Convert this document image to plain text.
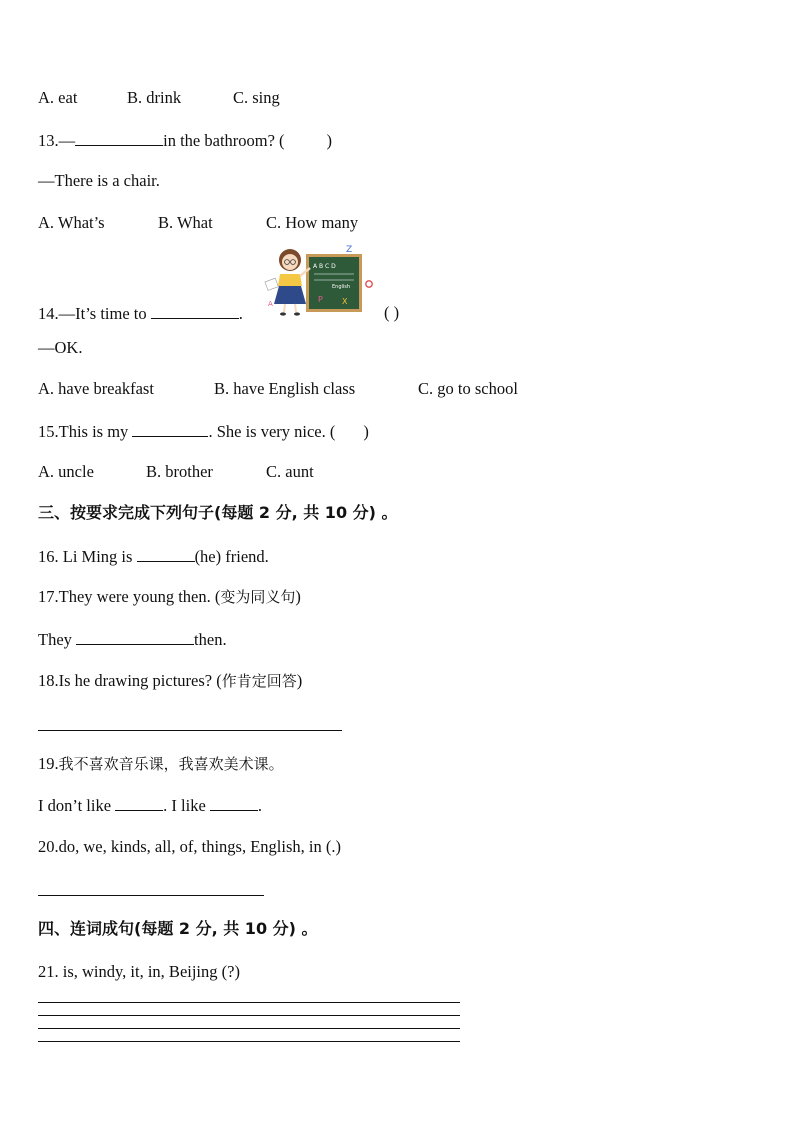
A. eat	B. drink	C. sing
13.—	in the bathroom? (	)
—There is a chair.
A. What’s	B. What	C. How many
A B C D
English
P X
Z
A
14.—It’s time to	.	( )
—OK.
A. have breakfast	B. have English class	C. go to school
15.This is my	. She is very nice. ( )
A. uncle	B. brother	C. aunt
三、按要求完成下列句子(每题 2 分, 共 10 分) 。
16. Li Ming is	(he) friend.
17.They were young then. (变为同义句)
They	then.
18.Is he drawing pictures? (作肯定回答)
19.我不喜欢音乐课，我喜欢美术课。
I don’t like	. I like	.
20.do, we, kinds, all, of, things, English, in (.)
四、连词成句(每题 2 分, 共 10 分) 。
21. is, windy, it, in, Beijing (?)
